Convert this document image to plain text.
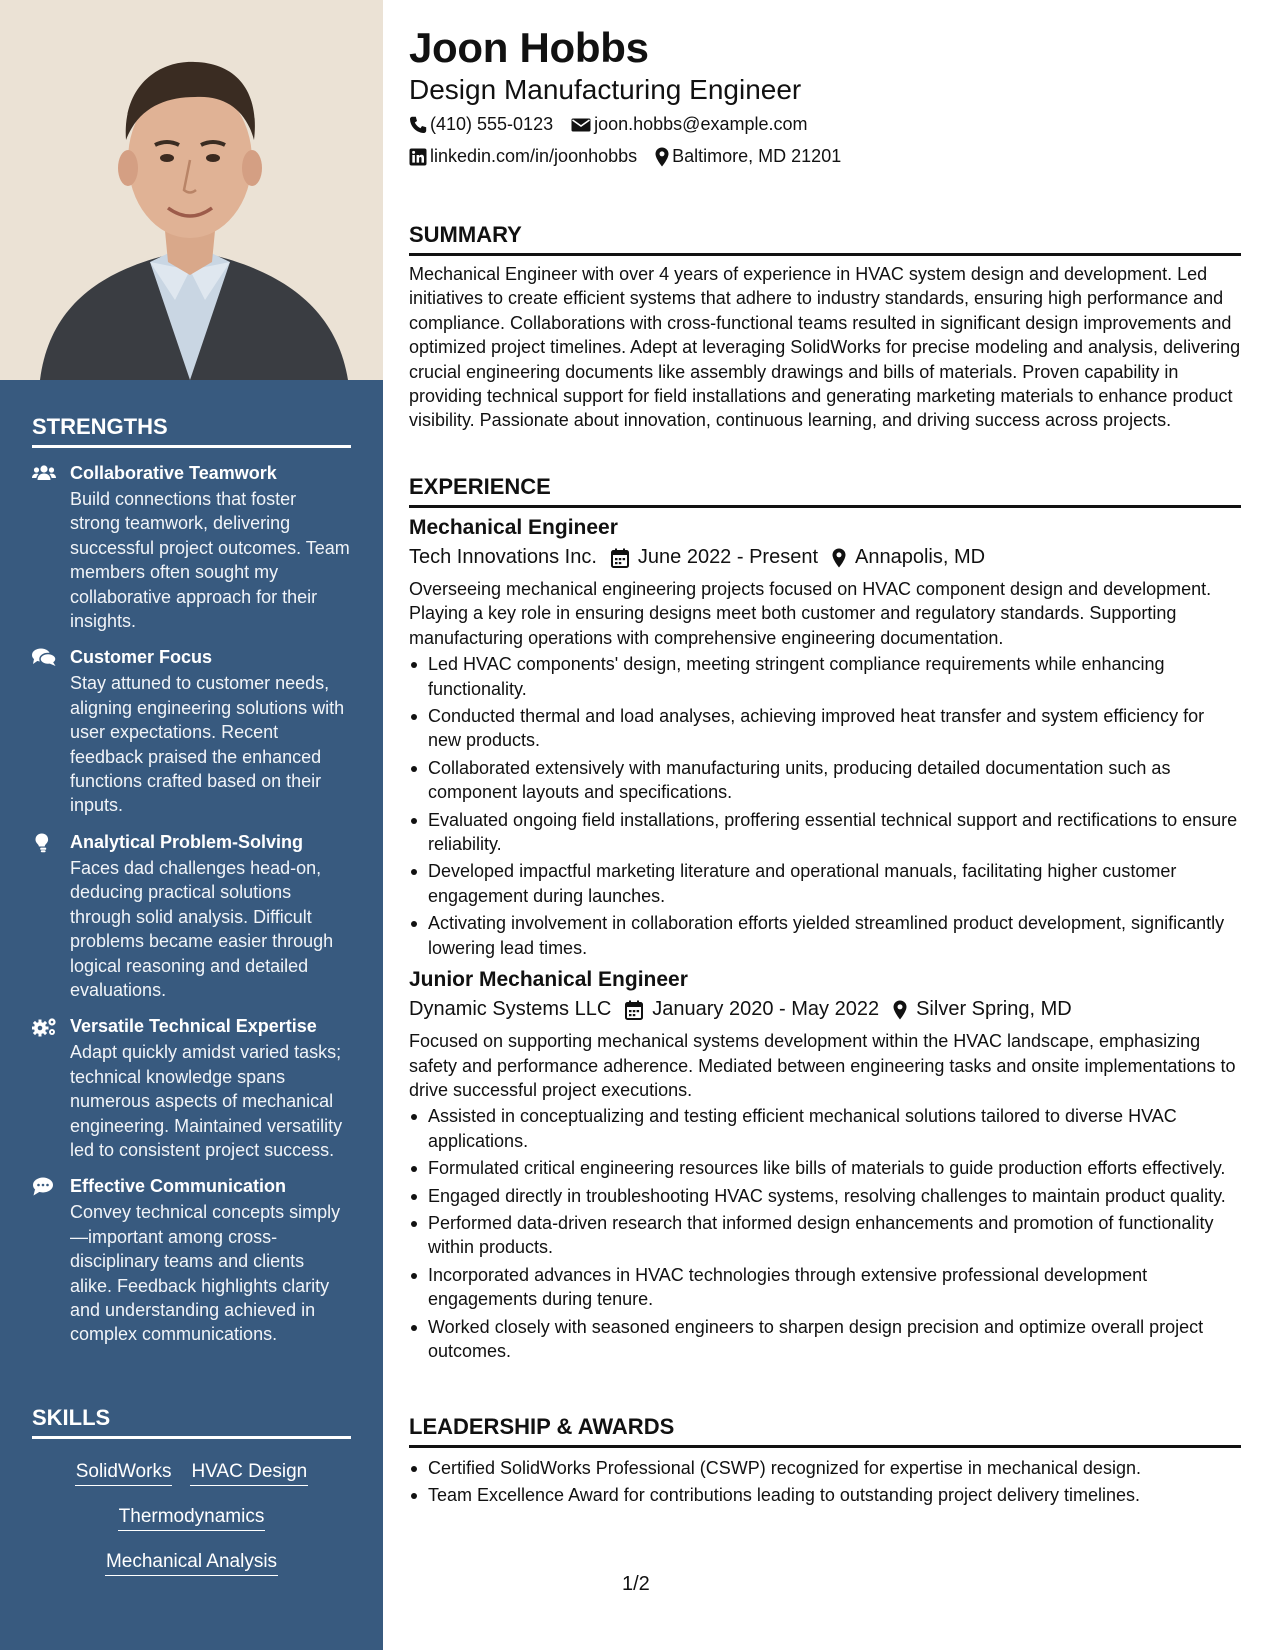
STRENGTHS
Collaborative Teamwork
Build connections that foster strong teamwork, delivering successful project outcomes. Team members often sought my collaborative approach for their insights.
Customer Focus
Stay attuned to customer needs, aligning engineering solutions with user expectations. Recent feedback praised the enhanced functions crafted based on their inputs.
Analytical Problem-Solving
Faces dad challenges head-on, deducing practical solutions through solid analysis. Difficult problems became easier through logical reasoning and detailed evaluations.
Versatile Technical Expertise
Adapt quickly amidst varied tasks; technical knowledge spans numerous aspects of mechanical engineering. Maintained versatility led to consistent project success.
Effective Communication
Convey technical concepts simply—important among cross-disciplinary teams and clients alike. Feedback highlights clarity and understanding achieved in complex communications.
SKILLS
SolidWorks HVAC Design
Thermodynamics
Mechanical Analysis
Joon Hobbs
Design Manufacturing Engineer
(410) 555-0123 joon.hobbs@example.com
linkedin.com/in/joonhobbs Baltimore, MD 21201
SUMMARY
Mechanical Engineer with over 4 years of experience in HVAC system design and development. Led initiatives to create efficient systems that adhere to industry standards, ensuring high performance and compliance. Collaborations with cross-functional teams resulted in significant design improvements and optimized project timelines. Adept at leveraging SolidWorks for precise modeling and analysis, delivering crucial engineering documents like assembly drawings and bills of materials. Proven capability in providing technical support for field installations and generating marketing materials to enhance product visibility. Passionate about innovation, continuous learning, and driving success across projects.
EXPERIENCE
Mechanical Engineer
Tech Innovations Inc. June 2022 - Present Annapolis, MD
Overseeing mechanical engineering projects focused on HVAC component design and development. Playing a key role in ensuring designs meet both customer and regulatory standards. Supporting manufacturing operations with comprehensive engineering documentation.
Led HVAC components' design, meeting stringent compliance requirements while enhancing functionality.
Conducted thermal and load analyses, achieving improved heat transfer and system efficiency for new products.
Collaborated extensively with manufacturing units, producing detailed documentation such as component layouts and specifications.
Evaluated ongoing field installations, proffering essential technical support and rectifications to ensure reliability.
Developed impactful marketing literature and operational manuals, facilitating higher customer engagement during launches.
Activating involvement in collaboration efforts yielded streamlined product development, significantly lowering lead times.
Junior Mechanical Engineer
Dynamic Systems LLC January 2020 - May 2022 Silver Spring, MD
Focused on supporting mechanical systems development within the HVAC landscape, emphasizing safety and performance adherence. Mediated between engineering tasks and onsite implementations to drive successful project executions.
Assisted in conceptualizing and testing efficient mechanical solutions tailored to diverse HVAC applications.
Formulated critical engineering resources like bills of materials to guide production efforts effectively.
Engaged directly in troubleshooting HVAC systems, resolving challenges to maintain product quality.
Performed data-driven research that informed design enhancements and promotion of functionality within products.
Incorporated advances in HVAC technologies through extensive professional development engagements during tenure.
Worked closely with seasoned engineers to sharpen design precision and optimize overall project outcomes.
LEADERSHIP & AWARDS
Certified SolidWorks Professional (CSWP) recognized for expertise in mechanical design.
Team Excellence Award for contributions leading to outstanding project delivery timelines.
1/2
